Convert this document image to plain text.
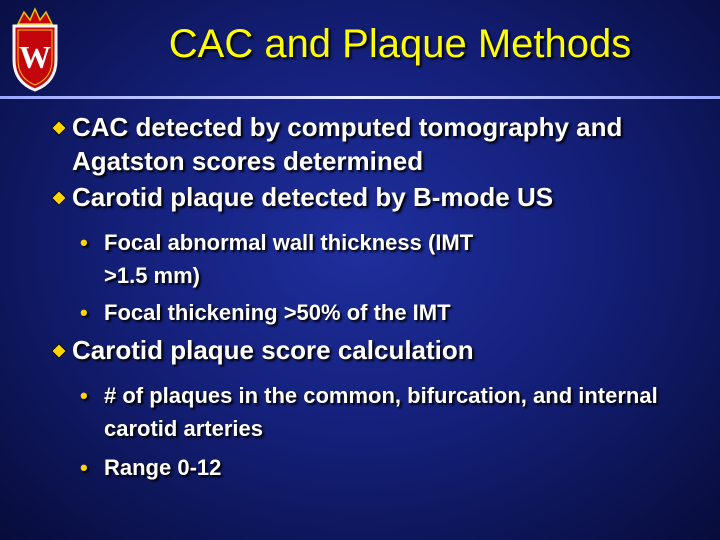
W	CAC and Plaque Methods
CAC detected by computed tomography and Agatston scores determined
Carotid plaque detected by B-mode US
• Focal abnormal wall thickness (IMT >1.5 mm)
• Focal thickening >50% of the IMT
Carotid plaque score calculation
• # of plaques in the common, bifurcation, and internal carotid arteries
• Range 0-12
